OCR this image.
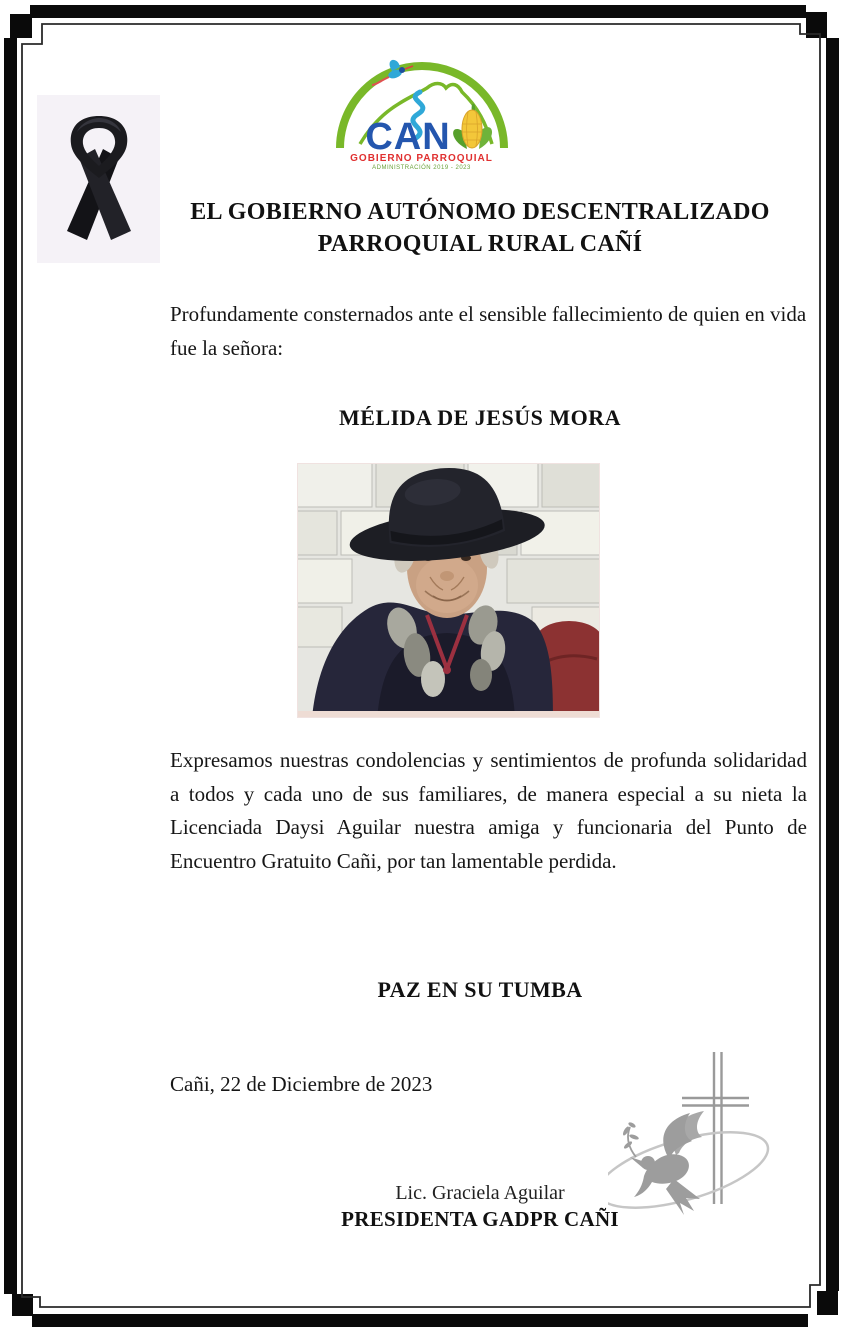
CAN
GOBIERNO PARROQUIAL
ADMINISTRACIÓN 2019 - 2023
EL GOBIERNO AUTÓNOMO DESCENTRALIZADO
PARROQUIAL RURAL CAÑÍ
Profundamente consternados ante el sensible fallecimiento de quien en vida fue la señora:
MÉLIDA DE JESÚS MORA
Expresamos nuestras condolencias y sentimientos de profunda solidaridad a todos y cada uno de sus familiares, de manera especial a su nieta la Licenciada Daysi Aguilar nuestra amiga y funcionaria del Punto de Encuentro Gratuito Cañi, por tan lamentable perdida.
PAZ EN SU TUMBA
Cañi, 22 de Diciembre de 2023
Lic. Graciela Aguilar
PRESIDENTA GADPR CAÑI
